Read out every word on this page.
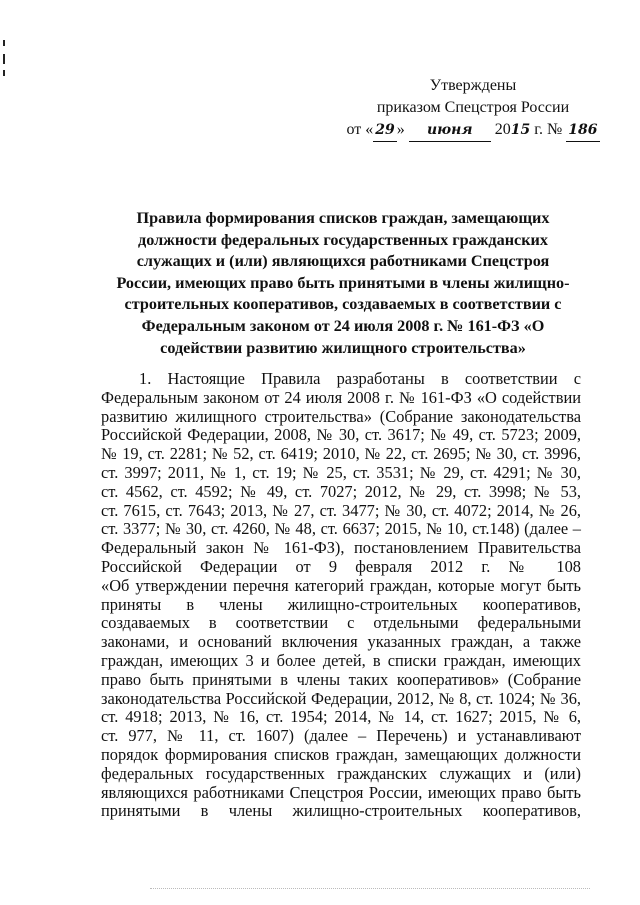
Утверждены
приказом Спецстроя России
от « 29 » июня 2015 г. № 186
Правила формирования списков граждан, замещающих
должности федеральных государственных гражданских
служащих и (или) являющихся работниками Спецстроя
России, имеющих право быть принятыми в члены жилищно-
строительных кооперативов, создаваемых в соответствии с
Федеральным законом от 24 июля 2008 г. № 161-ФЗ «О
содействии развитию жилищного строительства»
1. Настоящие Правила разработаны в соответствии с
Федеральным законом от 24 июля 2008 г. № 161-ФЗ «О содействии
развитию жилищного строительства» (Собрание законодательства
Российской Федерации, 2008, № 30, ст. 3617; № 49, ст. 5723; 2009,
№ 19, ст. 2281; № 52, ст. 6419; 2010, № 22, ст. 2695; № 30, ст. 3996,
ст. 3997; 2011, № 1, ст. 19; № 25, ст. 3531; № 29, ст. 4291; № 30,
ст. 4562, ст. 4592; № 49, ст. 7027; 2012, № 29, ст. 3998; № 53,
ст. 7615, ст. 7643; 2013, № 27, ст. 3477; № 30, ст. 4072; 2014, № 26,
ст. 3377; № 30, ст. 4260, № 48, ст. 6637; 2015, № 10, ст.148) (далее –
Федеральный закон № 161-ФЗ), постановлением Правительства
Российской Федерации от 9 февраля 2012 г. № 108
«Об утверждении перечня категорий граждан, которые могут быть
приняты в члены жилищно-строительных кооперативов,
создаваемых в соответствии с отдельными федеральными
законами, и оснований включения указанных граждан, а также
граждан, имеющих 3 и более детей, в списки граждан, имеющих
право быть принятыми в члены таких кооперативов» (Собрание
законодательства Российской Федерации, 2012, № 8, ст. 1024; № 36,
ст. 4918; 2013, № 16, ст. 1954; 2014, № 14, ст. 1627; 2015, № 6,
ст. 977, № 11, ст. 1607) (далее – Перечень) и устанавливают
порядок формирования списков граждан, замещающих должности
федеральных государственных гражданских служащих и (или)
являющихся работниками Спецстроя России, имеющих право быть
принятыми в члены жилищно-строительных кооперативов,
